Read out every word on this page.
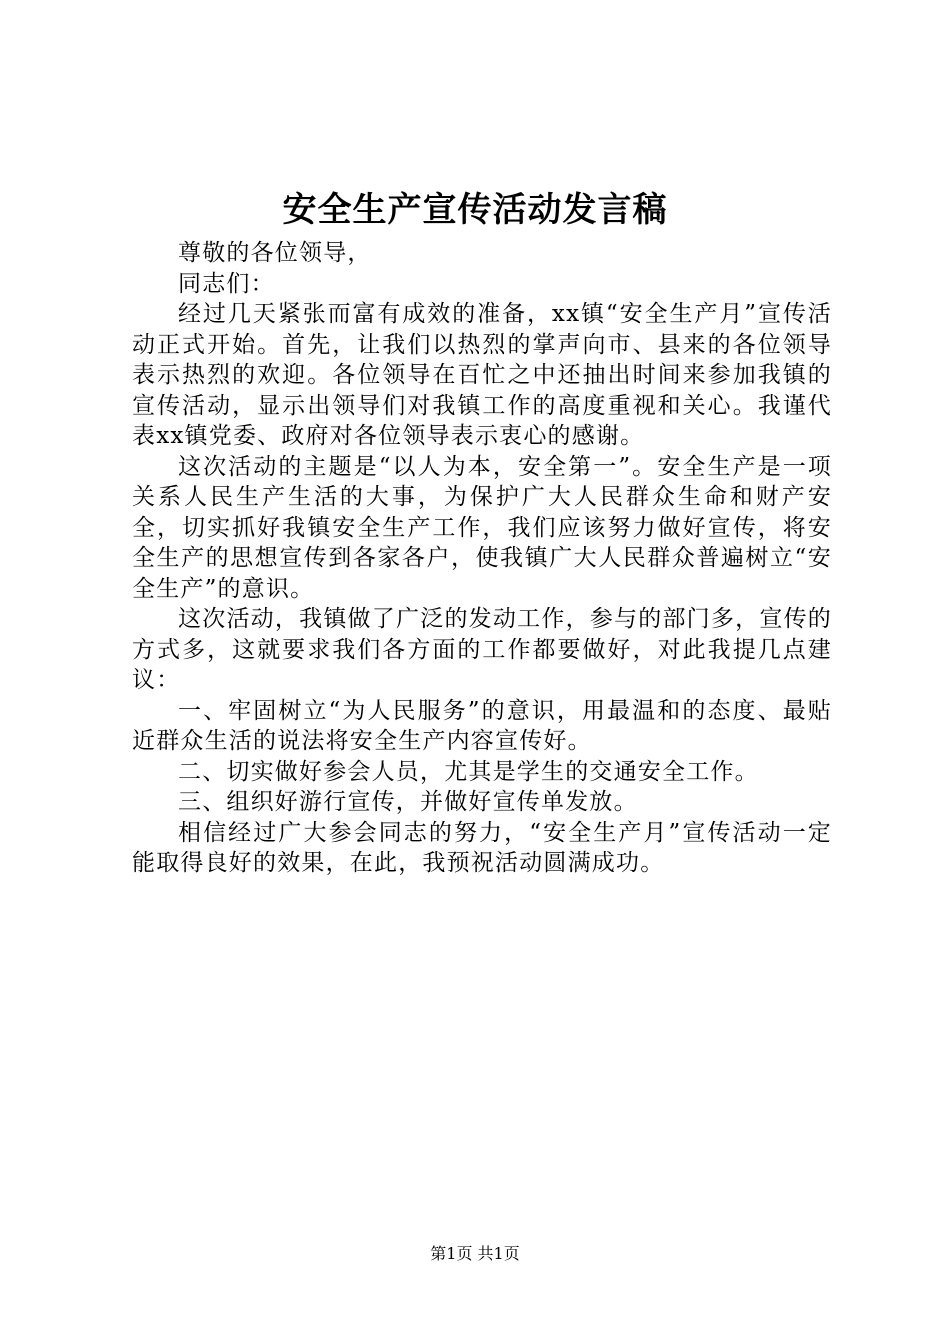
安全生产宣传活动发言稿

尊敬的各位领导，

同志们：

经过几天紧张而富有成效的准备，xx镇“安全生产月”宣传活动正式开始。首先，让我们以热烈的掌声向市、县来的各位领导表示热烈的欢迎。各位领导在百忙之中还抽出时间来参加我镇的宣传活动，显示出领导们对我镇工作的高度重视和关心。我谨代表xx镇党委、政府对各位领导表示衷心的感谢。

这次活动的主题是“以人为本，安全第一”。安全生产是一项关系人民生产生活的大事，为保护广大人民群众生命和财产安全，切实抓好我镇安全生产工作，我们应该努力做好宣传，将安全生产的思想宣传到各家各户，使我镇广大人民群众普遍树立“安全生产”的意识。

这次活动，我镇做了广泛的发动工作，参与的部门多，宣传的方式多，这就要求我们各方面的工作都要做好，对此我提几点建议：

一、牢固树立“为人民服务”的意识，用最温和的态度、最贴近群众生活的说法将安全生产内容宣传好。

二、切实做好参会人员，尤其是学生的交通安全工作。

三、组织好游行宣传，并做好宣传单发放。

相信经过广大参会同志的努力，“安全生产月”宣传活动一定能取得良好的效果，在此，我预祝活动圆满成功。

第1页 共1页
